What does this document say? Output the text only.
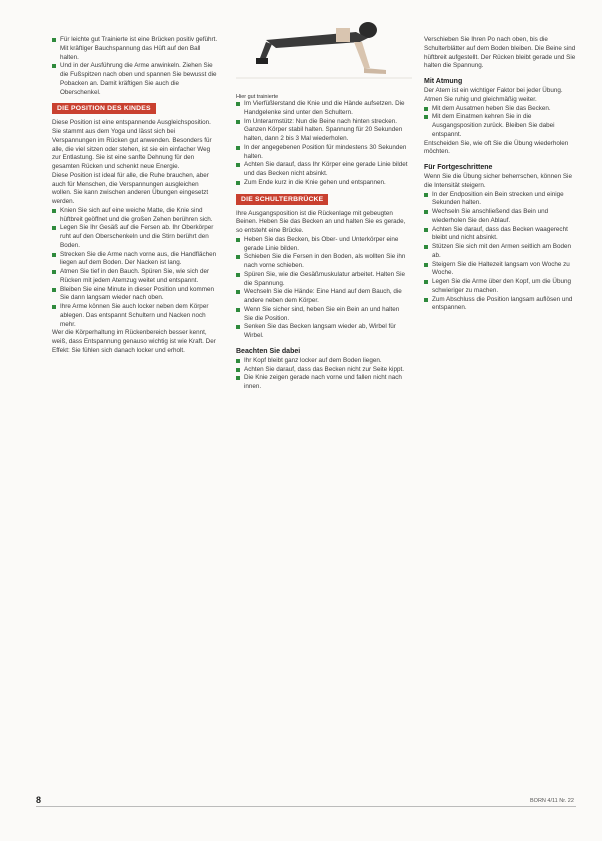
Hier gut trainierte
Für leichte gut Trainierte ist eine Brücken positiv geführt. Mit kräftiger Bauchspannung das Hüft auf den Ball halten.
Und in der Ausführung die Arme anwinkeln. Ziehen Sie die Fußspitzen nach oben und spannen Sie bewusst die Pobacken an. Damit kräftigen Sie auch die Oberschenkel.
DIE POSITION DES KINDES

Diese Position ist eine entspannende Ausgleichsposition. Sie stammt aus dem Yoga und lässt sich bei Verspannungen im Rücken gut anwenden. Besonders für alle, die viel sitzen oder stehen, ist sie ein einfacher Weg zur Entlastung. Sie ist eine sanfte Dehnung für den gesamten Rücken und schenkt neue Energie.

Diese Position ist ideal für alle, die Ruhe brauchen, aber auch für Menschen, die Verspannungen ausgleichen wollen. Sie kann zwischen anderen Übungen eingesetzt werden.

Knien Sie sich auf eine weiche Matte, die Knie sind hüftbreit geöffnet und die großen Zehen berühren sich.
Legen Sie Ihr Gesäß auf die Fersen ab. Ihr Oberkörper ruht auf den Oberschenkeln und die Stirn berührt den Boden.
Strecken Sie die Arme nach vorne aus, die Handflächen liegen auf dem Boden. Der Nacken ist lang.
Atmen Sie tief in den Bauch. Spüren Sie, wie sich der Rücken mit jedem Atemzug weitet und entspannt.
Bleiben Sie eine Minute in dieser Position und kommen Sie dann langsam wieder nach oben.
Ihre Arme können Sie auch locker neben dem Körper ablegen. Das entspannt Schultern und Nacken noch mehr.

Wer die Körperhaltung im Rückenbereich besser kennt, weiß, dass Entspannung genauso wichtig ist wie Kraft. Der Effekt: Sie fühlen sich danach locker und erholt.

Im Vierfüßlerstand die Knie und die Hände aufsetzen. Die Handgelenke sind unter den Schultern.
Im Unterarmstütz: Nun die Beine nach hinten strecken. Ganzen Körper stabil halten. Spannung für 20 Sekunden halten, dann 2 bis 3 Mal wiederholen.
In der angegebenen Position für mindestens 30 Sekunden halten.
Achten Sie darauf, dass Ihr Körper eine gerade Linie bildet und das Becken nicht absinkt.
Zum Ende kurz in die Knie gehen und entspannen.
DIE SCHULTERBRÜCKE

Ihre Ausgangsposition ist die Rückenlage mit gebeugten Beinen. Heben Sie das Becken an und halten Sie es gerade, so entsteht eine Brücke.

Heben Sie das Becken, bis Ober- und Unterkörper eine gerade Linie bilden.
Schieben Sie die Fersen in den Boden, als wollten Sie ihn nach vorne schieben.
Spüren Sie, wie die Gesäßmuskulatur arbeitet. Halten Sie die Spannung.
Wechseln Sie die Hände: Eine Hand auf dem Bauch, die andere neben dem Körper.
Wenn Sie sicher sind, heben Sie ein Bein an und halten Sie die Position.
Senken Sie das Becken langsam wieder ab, Wirbel für Wirbel.
Beachten Sie dabei
Ihr Kopf bleibt ganz locker auf dem Boden liegen.
Achten Sie darauf, dass das Becken nicht zur Seite kippt.
Die Knie zeigen gerade nach vorne und fallen nicht nach innen.

Verschieben Sie Ihren Po nach oben, bis die Schulterblätter auf dem Boden bleiben. Die Beine sind hüftbreit aufgestellt. Der Rücken bleibt gerade und Sie halten die Spannung.

Mit Atmung

Der Atem ist ein wichtiger Faktor bei jeder Übung. Atmen Sie ruhig und gleichmäßig weiter.

Mit dem Ausatmen heben Sie das Becken.
Mit dem Einatmen kehren Sie in die Ausgangsposition zurück. Bleiben Sie dabei entspannt.

Entscheiden Sie, wie oft Sie die Übung wiederholen möchten.

Für Fortgeschrittene

Wenn Sie die Übung sicher beherrschen, können Sie die Intensität steigern.

In der Endposition ein Bein strecken und einige Sekunden halten.
Wechseln Sie anschließend das Bein und wiederholen Sie den Ablauf.
Achten Sie darauf, dass das Becken waagerecht bleibt und nicht absinkt.
Stützen Sie sich mit den Armen seitlich am Boden ab.
Steigern Sie die Haltezeit langsam von Woche zu Woche.
Legen Sie die Arme über den Kopf, um die Übung schwieriger zu machen.
Zum Abschluss die Position langsam auflösen und entspannen.
8	BORN 4/11 Nr. 22
